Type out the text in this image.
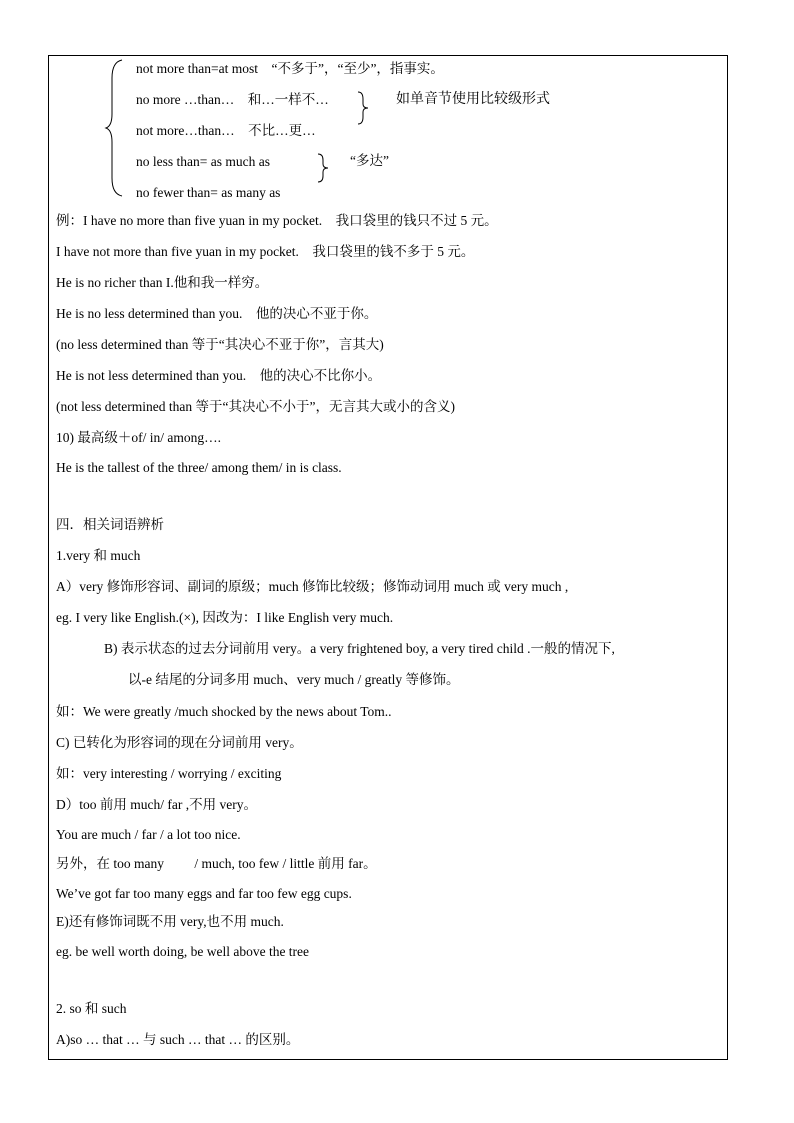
not more than=at most　“不多于”，“至少”，指事实。
no more …than…　和…一样不…	如单音节使用比较级形式
not more…than…　不比…更…
no less than= as much as	“多达”
no fewer than= as many as
例：I have no more than five yuan in my pocket.　我口袋里的钱只不过 5 元。
I have not more than five yuan in my pocket.　我口袋里的钱不多于 5 元。
He is no richer than I.他和我一样穷。
He is no less determined than you.　他的决心不亚于你。
(no less determined than 等于“其决心不亚于你”，言其大)
He is not less determined than you.　他的决心不比你小。
(not less determined than 等于“其决心不小于”，无言其大或小的含义)
10) 最高级＋of/ in/ among….
He is the tallest of the three/ among them/ in is class.
四．相关词语辨析
1.very 和 much
A）very 修饰形容词、副词的原级；much 修饰比较级；修饰动词用 much 或 very much ,
eg. I very like English.(×), 因改为：I like English very much.
B) 表示状态的过去分词前用 very。a very frightened boy, a very tired child .一般的情况下,
以-e 结尾的分词多用 much、very much / greatly 等修饰。
如：We were greatly /much shocked by the news about Tom..
C) 已转化为形容词的现在分词前用 very。
如：very interesting / worrying / exciting
D）too 前用 much/ far ,不用 very。
You are much / far / a lot too nice.
另外，在 too many　　 / much, too few / little 前用 far。
We’ve got far too many eggs and far too few egg cups.
E)还有修饰词既不用 very,也不用 much.
eg. be well worth doing, be well above the tree
2. so 和 such
A)so … that … 与 such … that … 的区别。
